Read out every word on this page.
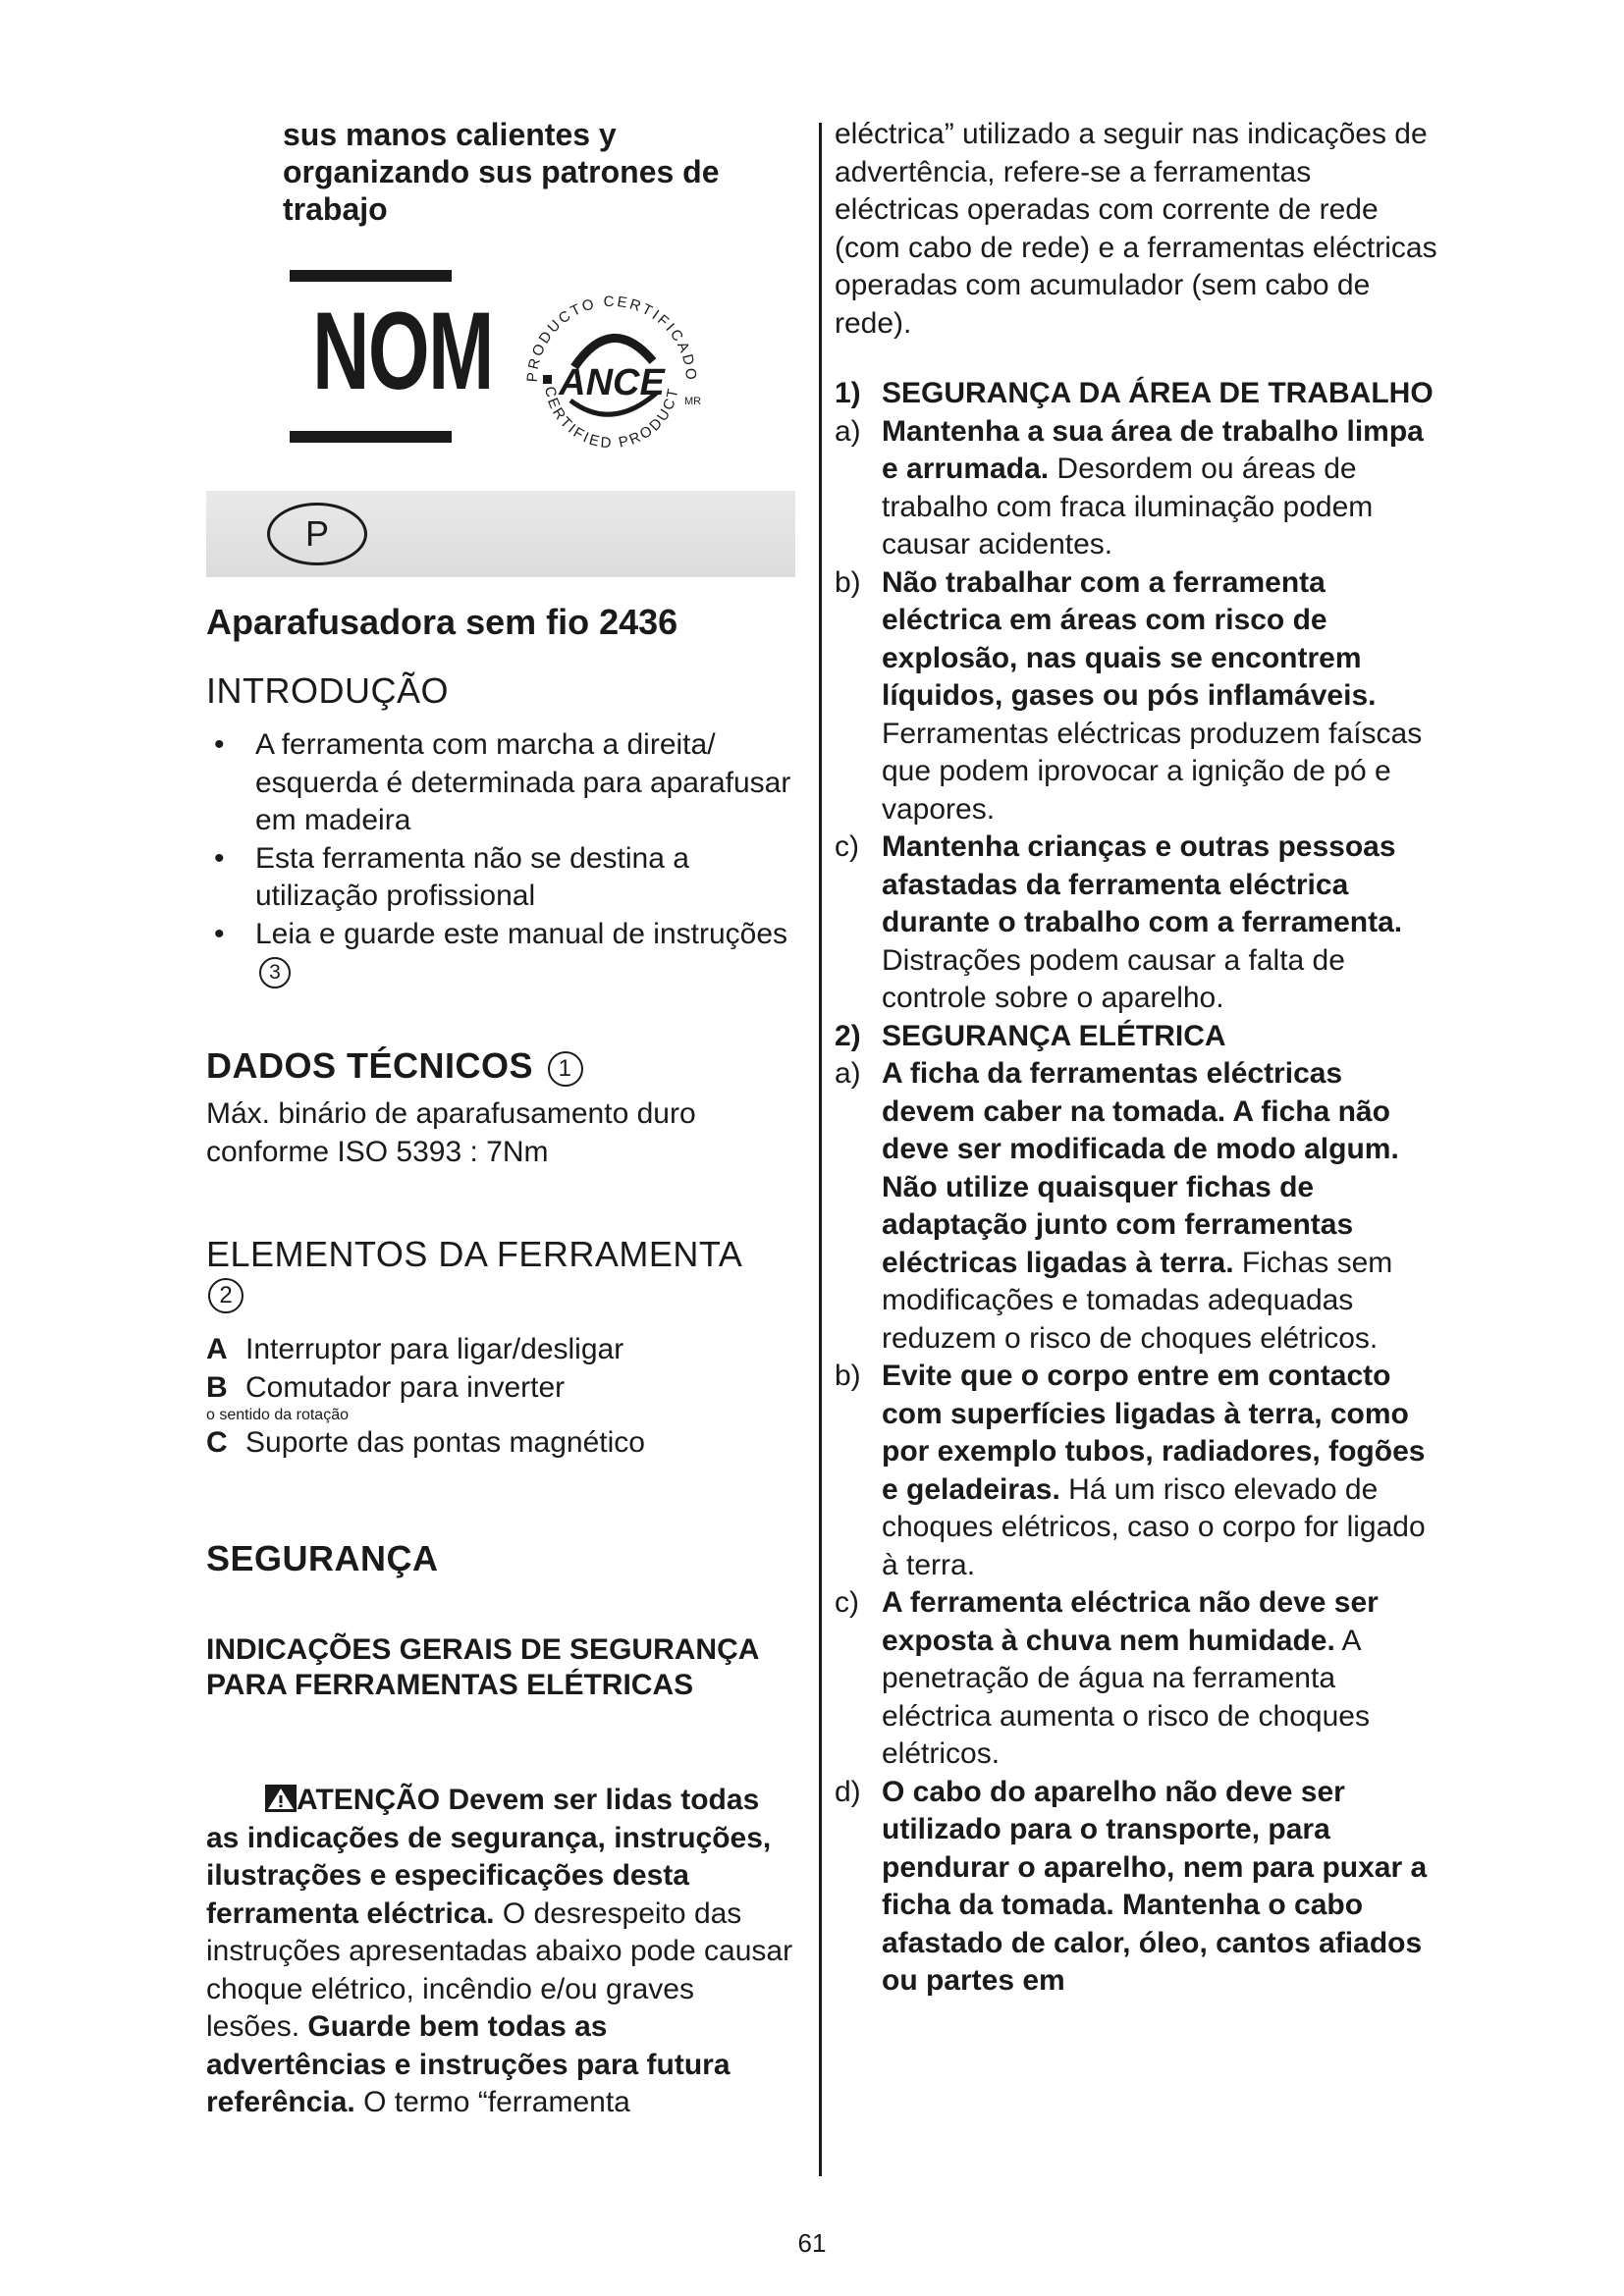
sus manos calientes y organizando sus patrones de trabajo
NOM PRODUCTO CERTIFICADO
CERTIFIED PRODUCT
ANCE MR
P
Aparafusadora sem fio 2436
INTRODUÇÃO
• A ferramenta com marcha a direita/ esquerda é determinada para aparafusar em madeira
• Esta ferramenta não se destina a utilização profissional
• Leia e guarde este manual de instruções3
DADOS TÉCNICOS 1
Máx. binário de aparafusamento duro conforme ISO 5393 : 7Nm
ELEMENTOS DA FERRAMENTA
2
A Interruptor para ligar/desligar
B Comutador para inverter
o sentido da rotação
C Suporte das pontas magnético
SEGURANÇA
INDICAÇÕES GERAIS DE SEGURANÇA PARA FERRAMENTAS ELÉTRICAS
ATENÇÃO Devem ser lidas todas as indicações de segurança, instruções, ilustrações e especificações desta ferramenta eléctrica. O desrespeito das instruções apresentadas abaixo pode causar choque elétrico, incêndio e/ou graves lesões. Guarde bem todas as advertências e instruções para futura referência. O termo “ferramenta
eléctrica” utilizado a seguir nas indicações de advertência, refere-se a ferramentas eléctricas operadas com corrente de rede (com cabo de rede) e a ferramentas eléctricas operadas com acumulador (sem cabo de rede).
1) SEGURANÇA DA ÁREA DE TRABALHO
a) Mantenha a sua área de trabalho limpa e arrumada. Desordem ou áreas de trabalho com fraca iluminação podem causar acidentes.
b) Não trabalhar com a ferramenta eléctrica em áreas com risco de explosão, nas quais se encontrem líquidos, gases ou pós inflamáveis. Ferramentas eléctricas produzem faíscas que podem iprovocar a ignição de pó e vapores.
c) Mantenha crianças e outras pessoas afastadas da ferramenta eléctrica durante o trabalho com a ferramenta. Distrações podem causar a falta de controle sobre o aparelho.
2) SEGURANÇA ELÉTRICA
a) A ficha da ferramentas eléctricas devem caber na tomada. A ficha não deve ser modificada de modo algum. Não utilize quaisquer fichas de adaptação junto com ferramentas eléctricas ligadas à terra. Fichas sem modificações e tomadas adequadas reduzem o risco de choques elétricos.
b) Evite que o corpo entre em contacto com superfícies ligadas à terra, como por exemplo tubos, radiadores, fogões e geladeiras. Há um risco elevado de choques elétricos, caso o corpo for ligado à terra.
c) A ferramenta eléctrica não deve ser exposta à chuva nem humidade. A penetração de água na ferramenta eléctrica aumenta o risco de choques elétricos.
d) O cabo do aparelho não deve ser utilizado para o transporte, para pendurar o aparelho, nem para puxar a ficha da tomada. Mantenha o cabo afastado de calor, óleo, cantos afiados ou partes em
61
